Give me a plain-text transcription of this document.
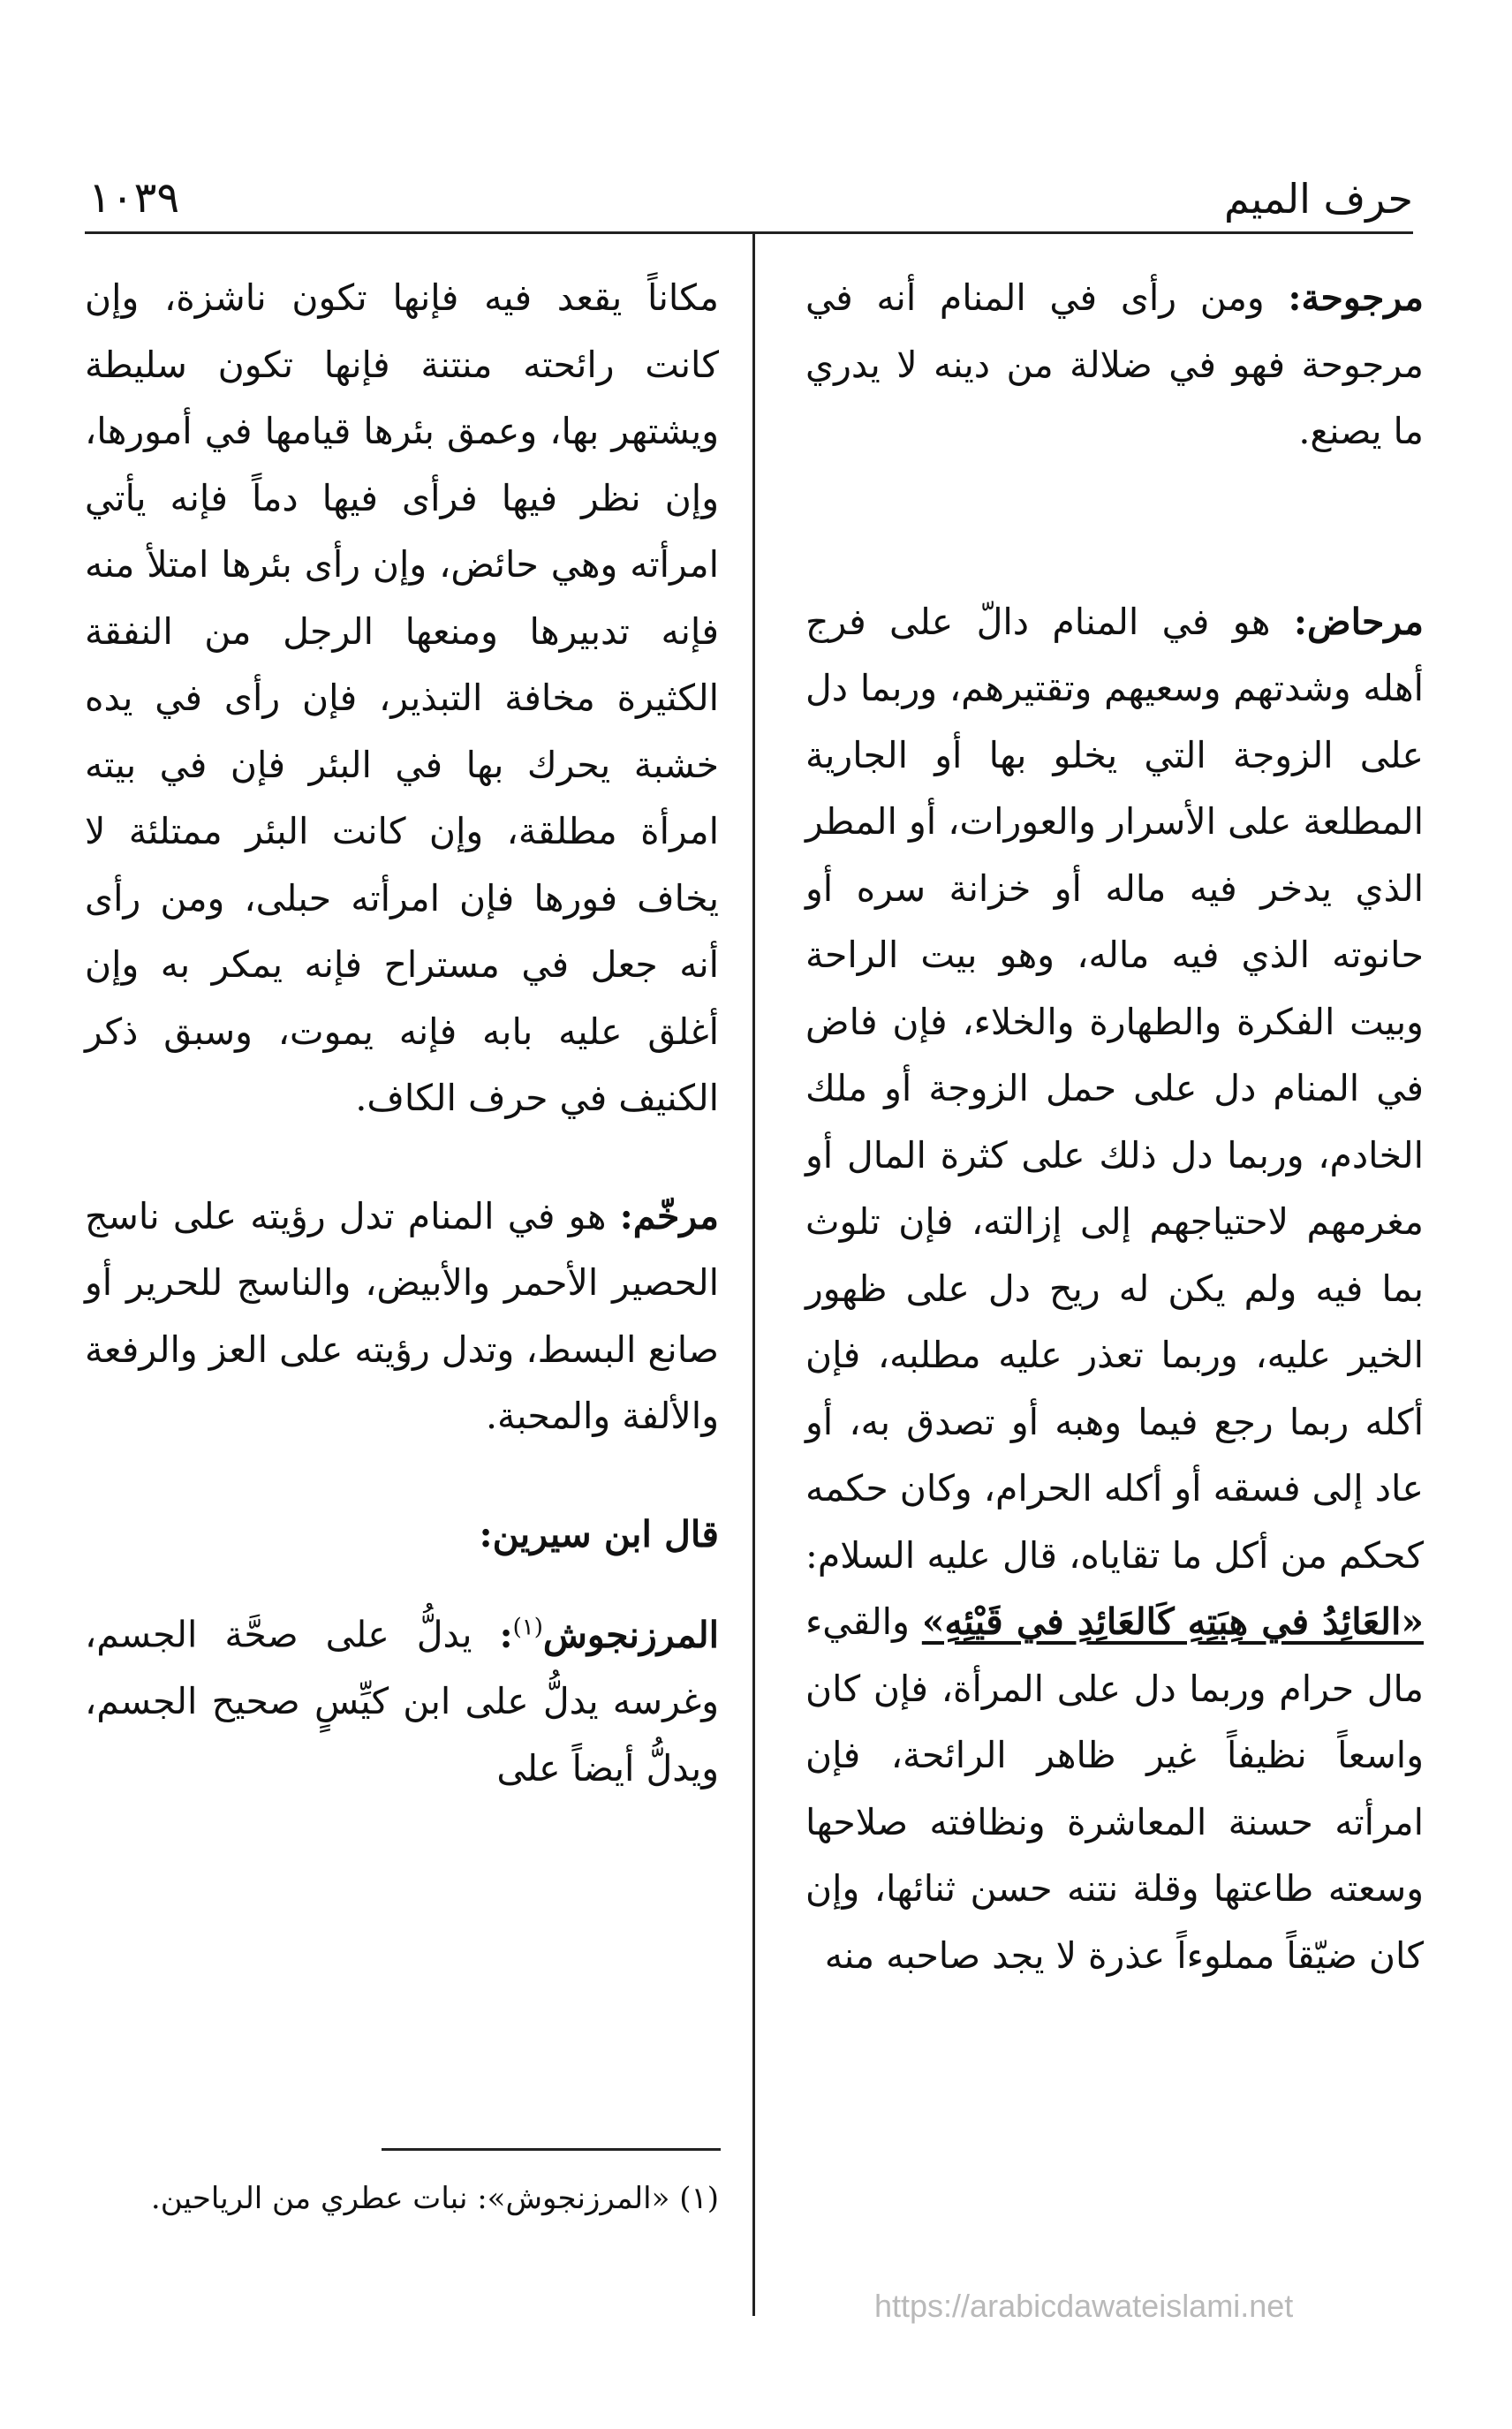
١٠٣٩	حرف الميم

مرجوحة: ومن رأى في المنام أنه في مرجوحة فهو في ضلالة من دينه لا يدري ما يصنع.

مرحاض: هو في المنام دالّ على فرج أهله وشدتهم وسعيهم وتقتيرهم، وربما دل على الزوجة التي يخلو بها أو الجارية المطلعة على الأسرار والعورات، أو المطر الذي يدخر فيه ماله أو خزانة سره أو حانوته الذي فيه ماله، وهو بيت الراحة وبيت الفكرة والطهارة والخلاء، فإن فاض في المنام دل على حمل الزوجة أو ملك الخادم، وربما دل ذلك على كثرة المال أو مغرمهم لاحتياجهم إلى إزالته، فإن تلوث بما فيه ولم يكن له ريح دل على ظهور الخير عليه، وربما تعذر عليه مطلبه، فإن أكله ربما رجع فيما وهبه أو تصدق به، أو عاد إلى فسقه أو أكله الحرام، وكان حكمه كحكم من أكل ما تقاياه، قال عليه السلام: «العَائِدُ في هِبَتِهِ كَالعَائِدِ في قَيْئِهِ» والقيء مال حرام وربما دل على المرأة، فإن كان واسعاً نظيفاً غير ظاهر الرائحة، فإن امرأته حسنة المعاشرة ونظافته صلاحها وسعته طاعتها وقلة نتنه حسن ثنائها، وإن كان ضيّقاً مملوءاً عذرة لا يجد صاحبه منه

مكاناً يقعد فيه فإنها تكون ناشزة، وإن كانت رائحته منتنة فإنها تكون سليطة ويشتهر بها، وعمق بئرها قيامها في أمورها، وإن نظر فيها فرأى فيها دماً فإنه يأتي امرأته وهي حائض، وإن رأى بئرها امتلأ منه فإنه تدبيرها ومنعها الرجل من النفقة الكثيرة مخافة التبذير، فإن رأى في يده خشبة يحرك بها في البئر فإن في بيته امرأة مطلقة، وإن كانت البئر ممتلئة لا يخاف فورها فإن امرأته حبلى، ومن رأى أنه جعل في مستراح فإنه يمكر به وإن أغلق عليه بابه فإنه يموت، وسبق ذكر الكنيف في حرف الكاف.

مرخّم: هو في المنام تدل رؤيته على ناسج الحصير الأحمر والأبيض، والناسج للحرير أو صانع البسط، وتدل رؤيته على العز والرفعة والألفة والمحبة.

قال ابن سيرين:

المرزنجوش$^{(١)}$: يدلُّ على صحَّة الجسم، وغرسه يدلُّ على ابن كيِّسٍ صحيح الجسم، ويدلُّ أيضاً على

(١) «المرزنجوش»: نبات عطري من الرياحين.

https://arabicdawateislami.net
